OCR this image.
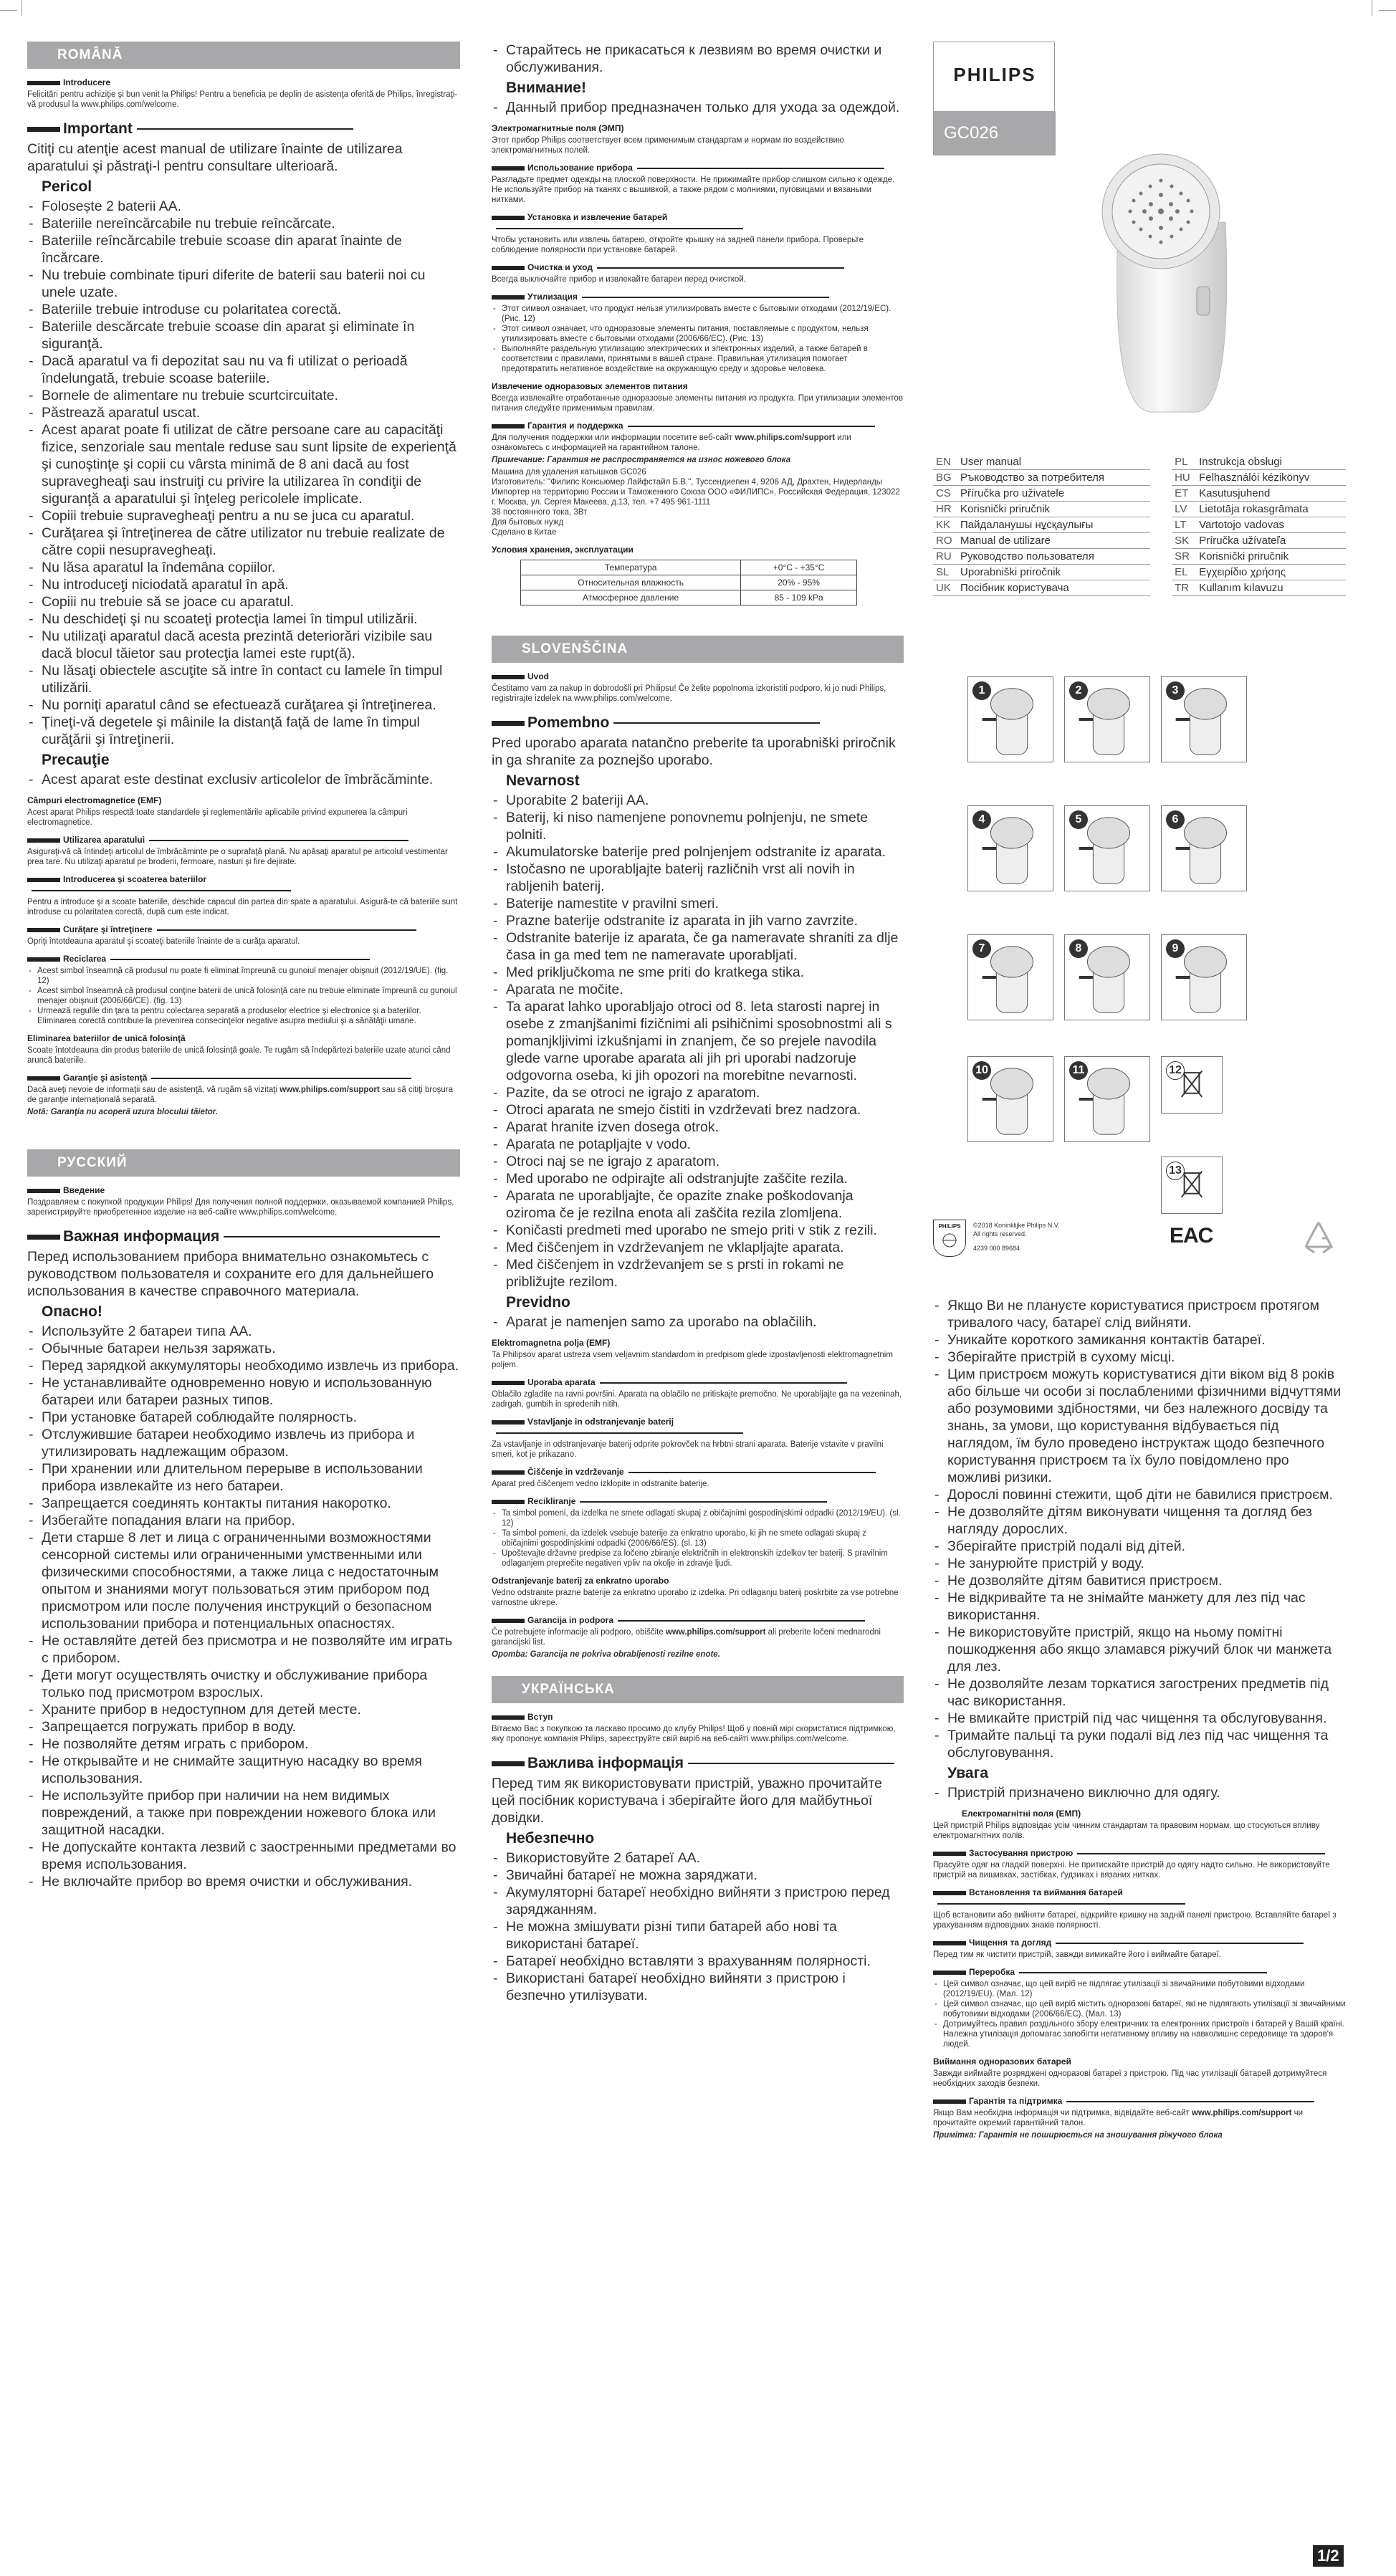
ROMÂNĂ
Introducere
Felicitări pentru achiziţie şi bun venit la Philips! Pentru a beneficia pe deplin de asistenţa oferită de Philips, înregistraţi-vă produsul la www.philips.com/welcome.
Important
Citiţi cu atenţie acest manual de utilizare înainte de utilizarea aparatului şi păstraţi-l pentru consultare ulterioară.
Pericol
- Folosește 2 baterii AA.
- Bateriile nereîncărcabile nu trebuie reîncărcate.
- Bateriile reîncărcabile trebuie scoase din aparat înainte de încărcare.
- Nu trebuie combinate tipuri diferite de baterii sau baterii noi cu unele uzate.
- Bateriile trebuie introduse cu polaritatea corectă.
- Bateriile descărcate trebuie scoase din aparat şi eliminate în siguranţă.
- Dacă aparatul va fi depozitat sau nu va fi utilizat o perioadă îndelungată, trebuie scoase bateriile.
- Bornele de alimentare nu trebuie scurtcircuitate.
- Păstrează aparatul uscat.
- Acest aparat poate fi utilizat de către persoane care au capacităţi fizice, senzoriale sau mentale reduse sau sunt lipsite de experienţă şi cunoştinţe şi copii cu vârsta minimă de 8 ani dacă au fost supravegheaţi sau instruiţi cu privire la utilizarea în condiţii de siguranţă a aparatului şi înţeleg pericolele implicate.
- Copiii trebuie supravegheaţi pentru a nu se juca cu aparatul.
- Curăţarea şi întreţinerea de către utilizator nu trebuie realizate de către copii nesupravegheaţi.
- Nu lăsa aparatul la îndemâna copiilor.
- Nu introduceţi niciodată aparatul în apă.
- Copiii nu trebuie să se joace cu aparatul.
- Nu deschideţi şi nu scoateţi protecţia lamei în timpul utilizării.
- Nu utilizaţi aparatul dacă acesta prezintă deteriorări vizibile sau dacă blocul tăietor sau protecţia lamei este rupt(ă).
- Nu lăsaţi obiectele ascuţite să intre în contact cu lamele în timpul utilizării.
- Nu porniţi aparatul când se efectuează curăţarea şi întreţinerea.
- Ţineţi-vă degetele şi mâinile la distanţă faţă de lame în timpul curăţării şi întreţinerii.
Precauţie
- Acest aparat este destinat exclusiv articolelor de îmbrăcăminte.
Câmpuri electromagnetice (EMF)
Acest aparat Philips respectă toate standardele şi reglementările aplicabile privind expunerea la câmpuri electromagnetice.
Utilizarea aparatului
Asiguraţi-vă că întindeţi articolul de îmbrăcăminte pe o suprafaţă plană. Nu apăsaţi aparatul pe articolul vestimentar prea tare. Nu utilizaţi aparatul pe broderii, fermoare, nasturi şi fire dejirate.
Introducerea şi scoaterea bateriilor
Pentru a introduce şi a scoate bateriile, deschide capacul din partea din spate a aparatului. Asigură-te că bateriile sunt introduse cu polaritatea corectă, după cum este indicat.
Curăţare şi întreţinere
Opriţi întotdeauna aparatul şi scoateţi bateriile înainte de a curăţa aparatul.
Reciclarea
- Acest simbol înseamnă că produsul nu poate fi eliminat împreună cu gunoiul menajer obişnuit (2012/19/UE). (fig. 12)
- Acest simbol înseamnă că produsul conţine baterii de unică folosinţă care nu trebuie eliminate împreună cu gunoiul menajer obişnuit (2006/66/CE). (fig. 13)
- Urmează regulile din ţara ta pentru colectarea separată a produselor electrice şi electronice şi a bateriilor. Eliminarea corectă contribuie la prevenirea consecinţelor negative asupra mediului şi a sănătăţii umane.
Eliminarea bateriilor de unică folosinţă
Scoate întotdeauna din produs bateriile de unică folosinţă goale. Te rugăm să îndepărtezi bateriile uzate atunci când aruncă bateriile.
Garanţie şi asistenţă
Dacă aveţi nevoie de informaţii sau de asistenţă, vă rugăm să vizitaţi www.philips.com/support sau să citiţi broşura de garanţie internaţională separată.
Notă: Garanţia nu acoperă uzura blocului tăietor.
РУССКИЙ
Введение
Поздравляем с покупкой продукции Philips! Для получения полной поддержки, оказываемой компанией Philips, зарегистрируйте приобретенное изделие на веб-сайте www.philips.com/welcome.
Важная информация
Перед использованием прибора внимательно ознакомьтесь с руководством пользователя и сохраните его для дальнейшего использования в качестве справочного материала.
Опасно!
- Используйте 2 батареи типа АА.
- Обычные батареи нельзя заряжать.
- Перед зарядкой аккумуляторы необходимо извлечь из прибора.
- Не устанавливайте одновременно новую и использованную батареи или батареи разных типов.
- При установке батарей соблюдайте полярность.
- Отслужившие батареи необходимо извлечь из прибора и утилизировать надлежащим образом.
- При хранении или длительном перерыве в использовании прибора извлекайте из него батареи.
- Запрещается соединять контакты питания накоротко.
- Избегайте попадания влаги на прибор.
- Дети старше 8 лет и лица с ограниченными возможностями сенсорной системы или ограниченными умственными или физическими способностями, а также лица с недостаточным опытом и знаниями могут пользоваться этим прибором под присмотром или после получения инструкций о безопасном использовании прибора и потенциальных опасностях.
- Не оставляйте детей без присмотра и не позволяйте им играть с прибором.
- Дети могут осуществлять очистку и обслуживание прибора только под присмотром взрослых.
- Храните прибор в недоступном для детей месте.
- Запрещается погружать прибор в воду.
- Не позволяйте детям играть с прибором.
- Не открывайте и не снимайте защитную насадку во время использования.
- Не используйте прибор при наличии на нем видимых повреждений, а также при повреждении ножевого блока или защитной насадки.
- Не допускайте контакта лезвий с заостренными предметами во время использования.
- Не включайте прибор во время очистки и обслуживания.
- Старайтесь не прикасаться к лезвиям во время очистки и обслуживания.
Внимание!
- Данный прибор предназначен только для ухода за одеждой.
Электромагнитные поля (ЭМП)
Этот прибор Philips соответствует всем применимым стандартам и нормам по воздействию электромагнитных полей.
Использование прибора
Разгладьте предмет одежды на плоской поверхности. Не прижимайте прибор слишком сильно к одежде. Не используйте прибор на тканях с вышивкой, а также рядом с молниями, пуговицами и вязаными нитками.
Установка и извлечение батарей
Чтобы установить или извлечь батарею, откройте крышку на задней панели прибора. Проверьте соблюдение полярности при установке батарей.
Очистка и уход
Всегда выключайте прибор и извлекайте батареи перед очисткой.
Утилизация
- Этот символ означает, что продукт нельзя утилизировать вместе с бытовыми отходами (2012/19/EC). (Рис. 12)
- Этот символ означает, что одноразовые элементы питания, поставляемые с продуктом, нельзя утилизировать вместе с бытовыми отходами (2006/66/EC). (Рис. 13)
- Выполняйте раздельную утилизацию электрических и электронных изделий, а также батарей в соответствии с правилами, принятыми в вашей стране. Правильная утилизация помогает предотвратить негативное воздействие на окружающую среду и здоровье человека.
Извлечение одноразовых элементов питания
Всегда извлекайте отработанные одноразовые элементы питания из продукта. При утилизации элементов питания следуйте применимым правилам.
Гарантия и поддержка
Для получения поддержки или информации посетите веб-сайт www.philips.com/support или ознакомьтесь с информацией на гарантийном талоне.
Примечание: Гарантия не распространяется на износ ножевого блока
Машина для удаления катышков GC026
Изготовитель: "Филипс Консьюмер Лайфстайл Б.В.", Туссендиепен 4, 9206 АД, Драхтен, Нидерланды
Импортер на территорию России и Таможенного Союза ООО «ФИЛИПС», Российская Федерация, 123022 г. Москва, ул. Сергея Макеева, д.13, тел. +7 495 961-1111
38 постоянного тока, 3Вт
Для бытовых нужд
Сделано в Китае
Условия хранения, эксплуатации
Температура	+0°С - +35°С
Относительная влажность	20% - 95%
Атмосферное давление	85 - 109 kPa
SLOVENŠČINA
Uvod
Čestitamo vam za nakup in dobrodošli pri Philipsu! Če želite popolnoma izkoristiti podporo, ki jo nudi Philips, registrirajte izdelek na www.philips.com/welcome.
Pomembno
Pred uporabo aparata natančno preberite ta uporabniški priročnik in ga shranite za poznejšo uporabo.
Nevarnost
- Uporabite 2 bateriji AA.
- Baterij, ki niso namenjene ponovnemu polnjenju, ne smete polniti.
- Akumulatorske baterije pred polnjenjem odstranite iz aparata.
- Istočasno ne uporabljajte baterij različnih vrst ali novih in rabljenih baterij.
- Baterije namestite v pravilni smeri.
- Prazne baterije odstranite iz aparata in jih varno zavrzite.
- Odstranite baterije iz aparata, če ga nameravate shraniti za dlje časa in ga med tem ne nameravate uporabljati.
- Med priključkoma ne sme priti do kratkega stika.
- Aparata ne močite.
- Ta aparat lahko uporabljajo otroci od 8. leta starosti naprej in osebe z zmanjšanimi fizičnimi ali psihičnimi sposobnostmi ali s pomanjkljivimi izkušnjami in znanjem, če so prejele navodila glede varne uporabe aparata ali jih pri uporabi nadzoruje odgovorna oseba, ki jih opozori na morebitne nevarnosti.
- Pazite, da se otroci ne igrajo z aparatom.
- Otroci aparata ne smejo čistiti in vzdrževati brez nadzora.
- Aparat hranite izven dosega otrok.
- Aparata ne potapljajte v vodo.
- Otroci naj se ne igrajo z aparatom.
- Med uporabo ne odpirajte ali odstranjujte zaščite rezila.
- Aparata ne uporabljajte, če opazite znake poškodovanja oziroma če je rezilna enota ali zaščita rezila zlomljena.
- Koničasti predmeti med uporabo ne smejo priti v stik z rezili.
- Med čiščenjem in vzdrževanjem ne vklapljajte aparata.
- Med čiščenjem in vzdrževanjem se s prsti in rokami ne približujte rezilom.
Previdno
- Aparat je namenjen samo za uporabo na oblačilih.
Elektromagnetna polja (EMF)
Ta Philipsov aparat ustreza vsem veljavnim standardom in predpisom glede izpostavljenosti elektromagnetnim poljem.
Uporaba aparata
Oblačilo zgladite na ravni površini. Aparata na oblačilo ne pritiskajte premočno. Ne uporabljajte ga na vezeninah, zadrgah, gumbih in spredenih nitih.
Vstavljanje in odstranjevanje baterij
Za vstavljanje in odstranjevanje baterij odprite pokrovček na hrbtni strani aparata. Baterije vstavite v pravilni smeri, kot je prikazano.
Čiščenje in vzdrževanje
Aparat pred čiščenjem vedno izklopite in odstranite baterije.
Recikliranje
- Ta simbol pomeni, da izdelka ne smete odlagati skupaj z običajnimi gospodinjskimi odpadki (2012/19/EU). (sl. 12)
- Ta simbol pomeni, da izdelek vsebuje baterije za enkratno uporabo, ki jih ne smete odlagati skupaj z običajnimi gospodinjskimi odpadki (2006/66/ES). (sl. 13)
- Upoštevajte državne predpise za ločeno zbiranje električnih in elektronskih izdelkov ter baterij. S pravilnim odlaganjem preprečite negativen vpliv na okolje in zdravje ljudi.
Odstranjevanje baterij za enkratno uporabo
Vedno odstranite prazne baterije za enkratno uporabo iz izdelka. Pri odlaganju baterij poskrbite za vse potrebne varnostne ukrepe.
Garancija in podpora
Če potrebujete informacije ali podporo, obiščite www.philips.com/support ali preberite ločeni mednarodni garancijski list.
Opomba: Garancija ne pokriva obrabljenosti rezilne enote.
УКРАЇНСЬКА
Вступ
Вітаємо Вас з покупкою та ласкаво просимо до клубу Philips! Щоб у повній мірі скористатися підтримкою, яку пропонує компанія Philips, зареєструйте свій виріб на веб-сайті www.philips.com/welcome.
Важлива інформація
Перед тим як використовувати пристрій, уважно прочитайте цей посібник користувача і зберігайте його для майбутньої довідки.
Небезпечно
- Використовуйте 2 батареї АА.
- Звичайні батареї не можна заряджати.
- Акумуляторні батареї необхідно вийняти з пристрою перед заряджанням.
- Не можна змішувати різні типи батарей або нові та використані батареї.
- Батареї необхідно вставляти з врахуванням полярності.
- Використані батареї необхідно вийняти з пристрою і безпечно утилізувати.
PHILIPS
GC026
EN	User manual		PL	Instrukcja obsługi
BG	Ръководство за потребителя		HU	Felhasználói kézikönyv
CS	Příručka pro uživatele		ET	Kasutusjuhend
HR	Korisnički priručnik		LV	Lietotāja rokasgrāmata
KK	Пайдаланушы нұсқаулығы		LT	Vartotojo vadovas
RO	Manual de utilizare		SK	Príručka užívateľa
RU	Руководство пользователя		SR	Korisnički priručnik
SL	Uporabniški priročnik		EL	Εγχειρίδιο χρήσης
UK	Посібник користувача		TR	Kullanım kılavuzu
1	2	3
4	5	6
7	8	9
10	11	12
13
PHILIPS	©2018 Koninklijke Philips N.V.
All rights reserved.
4239 000 89684
EAC
- Якщо Ви не плануєте користуватися пристроєм протягом тривалого часу, батареї слід вийняти.
- Уникайте короткого замикання контактів батареї.
- Зберігайте пристрій в сухому місці.
- Цим пристроєм можуть користуватися діти віком від 8 років або більше чи особи зі послабленими фізичними відчуттями або розумовими здібностями, чи без належного досвіду та знань, за умови, що користування відбувається під наглядом, їм було проведено інструктаж щодо безпечного користування пристроєм та їх було повідомлено про можливі ризики.
- Дорослі повинні стежити, щоб діти не бавилися пристроєм.
- Не дозволяйте дітям виконувати чищення та догляд без нагляду дорослих.
- Зберігайте пристрій подалі від дітей.
- Не занурюйте пристрій у воду.
- Не дозволяйте дітям бавитися пристроєм.
- Не відкривайте та не знімайте манжету для лез під час використання.
- Не використовуйте пристрій, якщо на ньому помітні пошкодження або якщо зламався ріжучий блок чи манжета для лез.
- Не дозволяйте лезам торкатися загострених предметів під час використання.
- Не вмикайте пристрій під час чищення та обслуговування.
- Тримайте пальці та руки подалі від лез під час чищення та обслуговування.
Увага
- Пристрій призначено виключно для одягу.
Електромагнітні поля (ЕМП)
Цей пристрій Philips відповідає усім чинним стандартам та правовим нормам, що стосуються впливу електромагнітних полів.
Застосування пристрою
Прасуйте одяг на гладкій поверхні. Не притискайте пристрій до одягу надто сильно. Не використовуйте пристрій на вишивках, застібках, ґудзиках і вязаних нитках.
Встановлення та виймання батарей
Щоб встановити або вийняти батареї, відкрийте кришку на задній панелі пристрою. Вставляйте батареї з урахуванням відповідних знаків полярності.
Чищення та догляд
Перед тим як чистити пристрій, завжди вимикайте його і виймайте батареї.
Переробка
- Цей символ означає, що цей виріб не підлягає утилізації зі звичайними побутовими відходами (2012/19/EU). (Мал. 12)
- Цей символ означає, що цей виріб містить одноразові батареї, які не підлягають утилізації зі звичайними побутовими відходами (2006/66/EC). (Мал. 13)
- Дотримуйтесь правил роздільного збору електричних та електронних пристроїв і батарей у Вашій країні. Належна утилізація допомагає запобігти негативному впливу на навколишнє середовище та здоров'я людей.
Виймання одноразових батарей
Завжди виймайте розряджені одноразові батареї з пристрою. Під час утилізації батарей дотримуйтеся необхідних заходів безпеки.
Гарантія та підтримка
Якщо Вам необхідна інформація чи підтримка, відвідайте веб-сайт www.philips.com/support чи прочитайте окремий гарантійний талон.
Примітка: Гарантія не поширюється на зношування ріжучого блока
1/2
